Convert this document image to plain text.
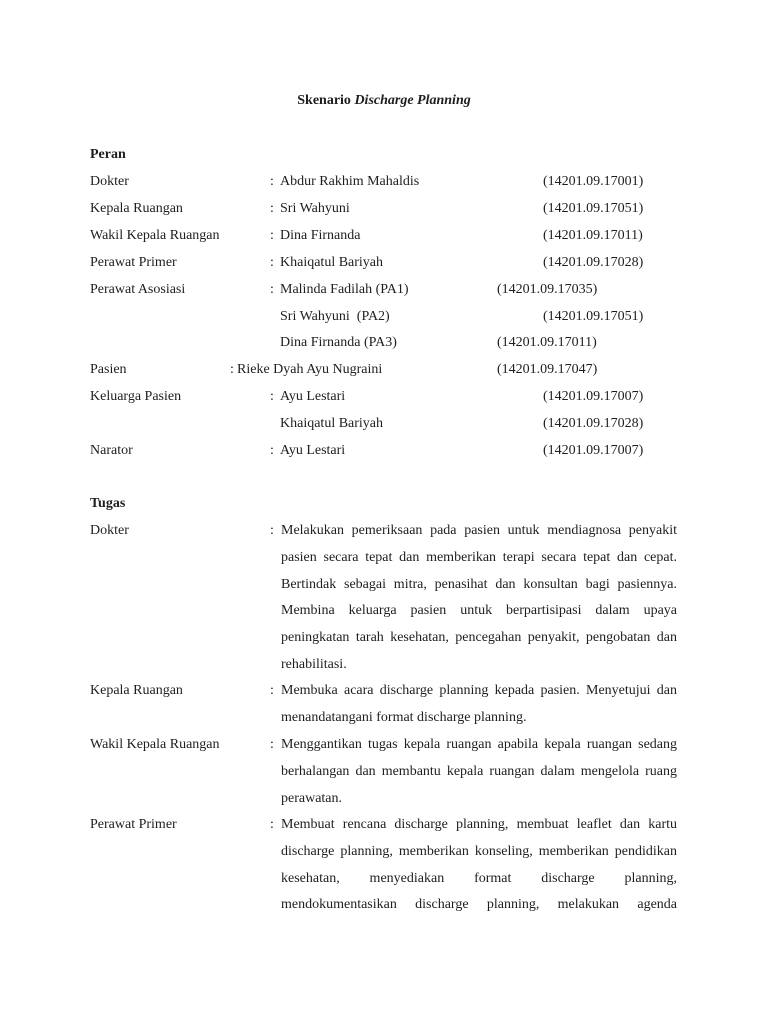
Skenario Discharge Planning
Peran
Dokter	: Abdur Rakhim Mahaldis	(14201.09.17001)
Kepala Ruangan	: Sri Wahyuni	(14201.09.17051)
Wakil Kepala Ruangan	: Dina Firnanda	(14201.09.17011)
Perawat Primer	: Khaiqatul Bariyah	(14201.09.17028)
Perawat Asosiasi	: Malinda Fadilah (PA1)	(14201.09.17035)
Sri Wahyuni  (PA2)	(14201.09.17051)
Dina Firnanda (PA3)	(14201.09.17011)
Pasien	: Rieke Dyah Ayu Nugraini	(14201.09.17047)
Keluarga Pasien	: Ayu Lestari	(14201.09.17007)
Khaiqatul Bariyah	(14201.09.17028)
Narator	: Ayu Lestari	(14201.09.17007)
Tugas
Dokter	: Melakukan pemeriksaan pada pasien untuk mendiagnosa penyakit pasien secara tepat dan memberikan terapi secara tepat dan cepat. Bertindak sebagai mitra, penasihat dan konsultan bagi pasiennya. Membina keluarga pasien untuk berpartisipasi dalam upaya peningkatan tarah kesehatan, pencegahan penyakit, pengobatan dan rehabilitasi.
Kepala Ruangan	: Membuka acara discharge planning kepada pasien. Menyetujui dan menandatangani format discharge planning.
Wakil Kepala Ruangan	: Menggantikan tugas kepala ruangan apabila kepala ruangan sedang berhalangan dan membantu kepala ruangan dalam mengelola ruang perawatan.
Perawat Primer	: Membuat rencana discharge planning, membuat leaflet dan kartu discharge planning, memberikan konseling, memberikan pendidikan kesehatan, menyediakan format discharge planning, mendokumentasikan discharge planning, melakukan agenda
